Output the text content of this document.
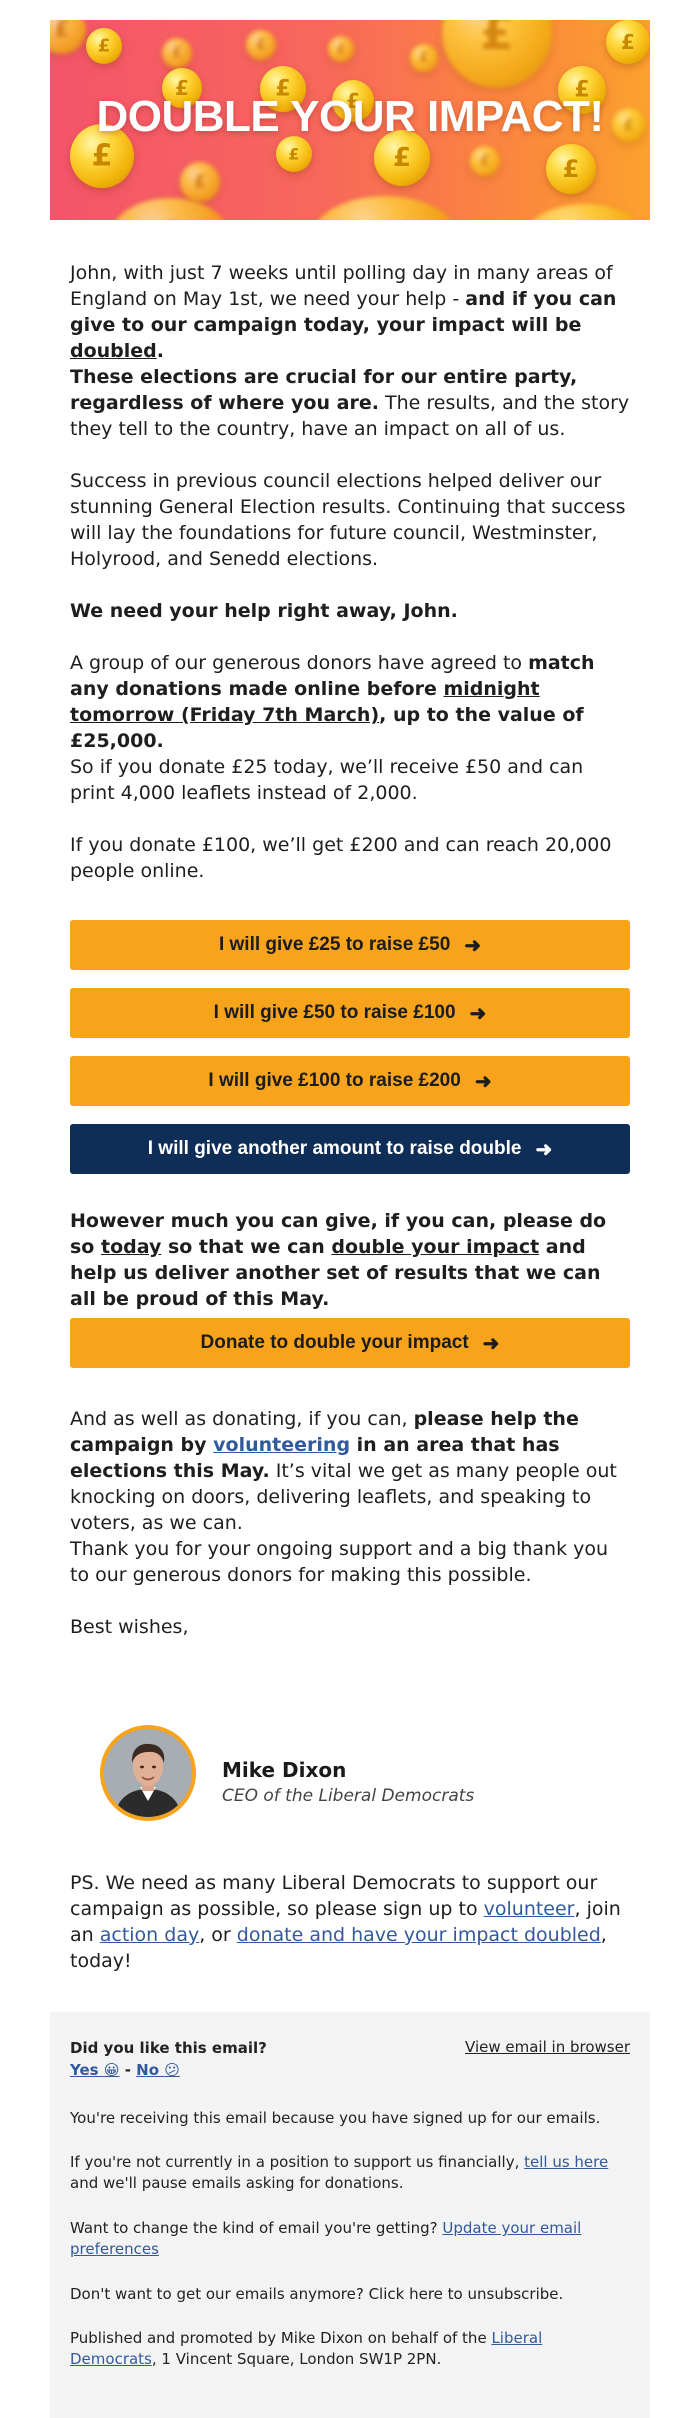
£
£
£
£
£
£
£
£
£
£
£
£
£
£
£
£
£
£
£
£
£
£
DOUBLE YOUR IMPACT!

John, with just 7 weeks until polling day in many areas of England on May 1st, we need your help - and if you can give to our campaign today, your impact will be doubled.

These elections are crucial for our entire party, regardless of where you are. The results, and the story they tell to the country, have an impact on all of us.

Success in previous council elections helped deliver our stunning General Election results. Continuing that success will lay the foundations for future council, Westminster, Holyrood, and Senedd elections.

We need your help right away, John.

A group of our generous donors have agreed to match any donations made online before midnight tomorrow (Friday 7th March), up to the value of £25,000.

So if you donate £25 today, we’ll receive £50 and can print 4,000 leaflets instead of 2,000.

If you donate £100, we’ll get £200 and can reach 20,000 people online.

I will give £25 to raise £50 ➜
I will give £50 to raise £100 ➜
I will give £100 to raise £200 ➜
I will give another amount to raise double ➜

However much you can give, if you can, please do so today so that we can double your impact and help us deliver another set of results that we can all be proud of this May.

Donate to double your impact ➜

And as well as donating, if you can, please help the campaign by volunteering in an area that has elections this May. It’s vital we get as many people out knocking on doors, delivering leaflets, and speaking to voters, as we can.

Thank you for your ongoing support and a big thank you to our generous donors for making this possible.

Best wishes,

Mike Dixon
CEO of the Liberal Democrats

PS. We need as many Liberal Democrats to support our campaign as possible, so please sign up to volunteer, join an action day, or donate and have your impact doubled, today!

Did you like this email?	View email in browser
Yes 😀 - No 😕
You're receiving this email because you have signed up for our emails.
If you're not currently in a position to support us financially, tell us here and we'll pause emails asking for donations.
Want to change the kind of email you're getting? Update your email preferences
Don't want to get our emails anymore? Click here to unsubscribe.
Published and promoted by Mike Dixon on behalf of the Liberal Democrats, 1 Vincent Square, London SW1P 2PN.
